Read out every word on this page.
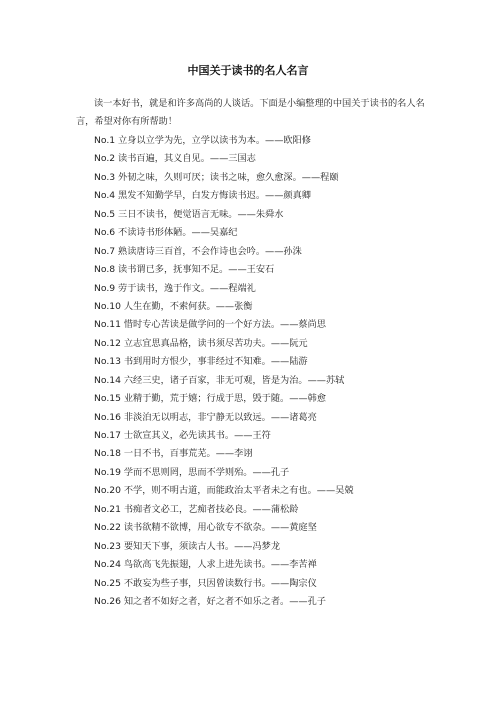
中国关于读书的名人名言
读一本好书，就是和许多高尚的人谈话。下面是小编整理的中国关于读书的名人名言，希望对你有所帮助！
No.1 立身以立学为先，立学以读书为本。——欧阳修
No.2 读书百遍，其义自见。——三国志
No.3 外韧之味，久则可厌；读书之味，愈久愈深。——程颐
No.4 黑发不知勤学早，白发方悔读书迟。——颜真卿
No.5 三日不读书，便觉语言无味。——朱舜水
No.6 不读诗书形体陋。——吴嘉纪
No.7 熟读唐诗三百首，不会作诗也会吟。——孙洙
No.8 读书谓已多，抚事知不足。——王安石
No.9 劳于读书，逸于作文。——程端礼
No.10 人生在勤，不索何获。——张衡
No.11 惜时专心苦读是做学问的一个好方法。——蔡尚思
No.12 立志宜思真品格，读书须尽苦功夫。——阮元
No.13 书到用时方恨少，事非经过不知难。——陆游
No.14 六经三史，诸子百家，非无可观，皆是为治。——苏轼
No.15 业精于勤，荒于嬉；行成于思，毁于随。——韩愈
No.16 非淡泊无以明志，非宁静无以致远。——诸葛亮
No.17 士欲宣其义，必先读其书。——王符
No.18 一日不书，百事荒芜。——李诩
No.19 学而不思则罔，思而不学则殆。——孔子
No.20 不学，则不明古道，而能政治太平者未之有也。——吴兢
No.21 书痴者文必工，艺痴者技必良。——蒲松龄
No.22 读书欲精不欲博，用心欲专不欲杂。——黄庭坚
No.23 要知天下事，须读古人书。——冯梦龙
No.24 鸟欲高飞先振翅，人求上进先读书。——李苦禅
No.25 不敢妄为些子事，只因曾读数行书。——陶宗仪
No.26 知之者不如好之者，好之者不如乐之者。——孔子
